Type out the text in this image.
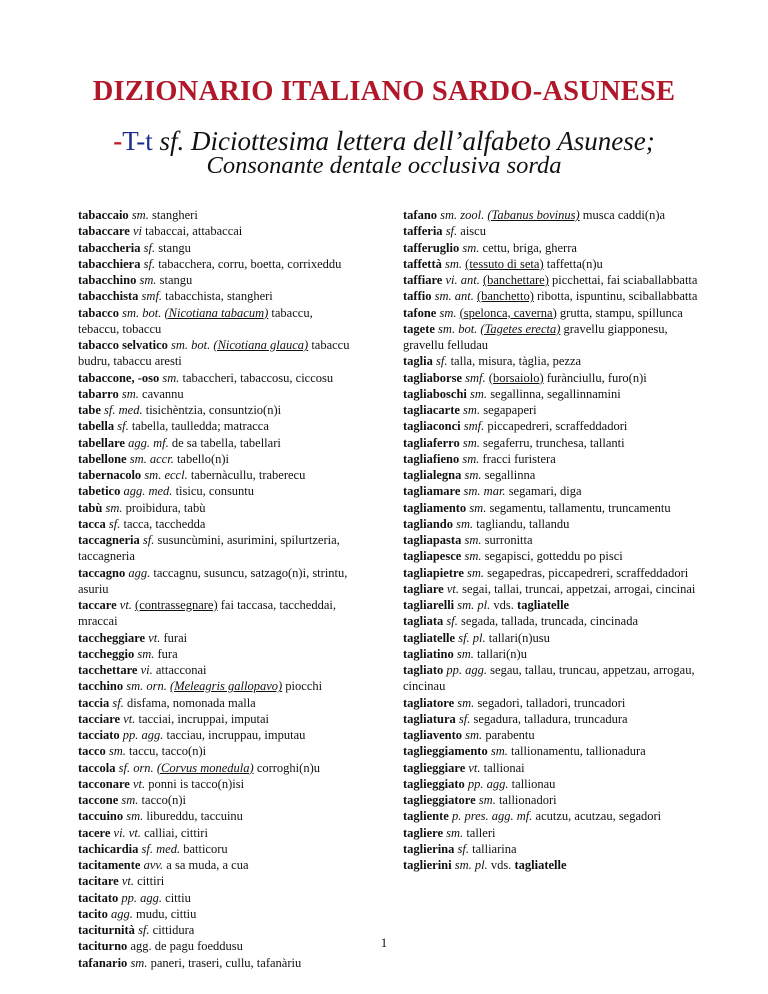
DIZIONARIO ITALIANO SARDO-ASUNESE
-T-t sf. Diciottesima lettera dell’alfabeto Asunese;
Consonante dentale occlusiva sorda

tabaccaio sm. stangheri

tabaccare vi tabaccai, attabaccai

tabaccheria sf. stangu

tabacchiera sf. tabacchera, corru, boetta, corrixeddu

tabacchino sm. stangu

tabacchista smf. tabacchista, stangheri

tabacco sm. bot. (Nicotiana tabacum) tabaccu, tebaccu, tobaccu

tabacco selvatico sm. bot. (Nicotiana glauca) tabaccu budru, tabaccu aresti

tabaccone, -oso sm. tabaccheri, tabaccosu, ciccosu

tabarro sm. cavannu

tabe sf. med. tisichèntzia, consuntzio(n)i

tabella sf. tabella, taulledda; matracca

tabellare agg. mf. de sa tabella, tabellari

tabellone sm. accr. tabello(n)i

tabernacolo sm. eccl. tabernàcullu, traberecu

tabetico agg. med. tìsicu, consuntu

tabù sm. proibidura, tabù

tacca sf. tacca, tacchedda

taccagneria sf. susuncùmini, asurimini, spilurtzeria, taccagneria

taccagno agg. taccagnu, susuncu, satzago(n)i, strintu, asuriu

taccare vt. (contrassegnare) fai taccasa, taccheddai, mraccai

taccheggiare vt. furai

taccheggio sm. fura

tacchettare vi. attacconai

tacchino sm. orn. (Meleagris gallopavo) piocchi

taccia sf. disfama, nomonada malla

tacciare vt. tacciai, incruppai, imputai

tacciato pp. agg. tacciau, incruppau, imputau

tacco sm. taccu, tacco(n)i

taccola sf. orn. (Corvus monedula) corroghi(n)u

tacconare vt. ponni is tacco(n)isi

taccone sm. tacco(n)i

taccuino sm. libureddu, taccuinu

tacere vi. vt. calliai, cittiri

tachicardia sf. med. batticoru

tacitamente avv. a sa muda, a cua

tacitare vt. cittiri

tacitato pp. agg. cittiu

tacito agg. mudu, cittiu

taciturnità sf. cittidura

taciturno agg. de pagu foeddusu

tafanario sm. paneri, traseri, cullu, tafanàriu

tafano sm. zool. (Tabanus bovinus) musca caddi(n)a

tafferia sf. aiscu

tafferuglio sm. cettu, briga, gherra

taffettà sm. (tessuto di seta) taffetta(n)u

taffiare vi. ant. (banchettare) picchettai, fai sciaballabbatta

taffio sm. ant. (banchetto) ribotta, ispuntinu, sciballabbatta

tafone sm. (spelonca, caverna) grutta, stampu, spillunca

tagete sm. bot. (Tagetes erecta) gravellu giapponesu, gravellu felludau

taglia sf. talla, misura, tàglia, pezza

tagliaborse smf. (borsaiolo) furànciullu, furo(n)i

tagliaboschi sm. segallinna, segallinnamini

tagliacarte sm. segapaperi

tagliaconci smf. piccapedreri, scraffeddadori

tagliaferro sm. segaferru, trunchesa, tallanti

tagliafieno sm. fracci furistera

taglialegna sm. segallinna

tagliamare sm. mar. segamari, diga

tagliamento sm. segamentu, tallamentu, truncamentu

tagliando sm. tagliandu, tallandu

tagliapasta sm. surronitta

tagliapesce sm. segapisci, gotteddu po pisci

tagliapietre sm. segapedras, piccapedreri, scraffeddadori

tagliare vt. segai, tallai, truncai, appetzai, arrogai, cincinai

tagliarelli sm. pl. vds. tagliatelle

tagliata sf. segada, tallada, truncada, cincinada

tagliatelle sf. pl. tallari(n)usu

tagliatino sm. tallari(n)u

tagliato pp. agg. segau, tallau, truncau, appetzau, arrogau, cincinau

tagliatore sm. segadori, talladori, truncadori

tagliatura sf. segadura, talladura, truncadura

tagliavento sm. parabentu

taglieggiamento sm. tallionamentu, tallionadura

taglieggiare vt. tallionai

taglieggiato pp. agg. tallionau

taglieggiatore sm. tallionadori

tagliente p. pres. agg. mf. acutzu, acutzau, segadori

tagliere sm. talleri

taglierina sf. talliarina

taglierini sm. pl. vds. tagliatelle

1
